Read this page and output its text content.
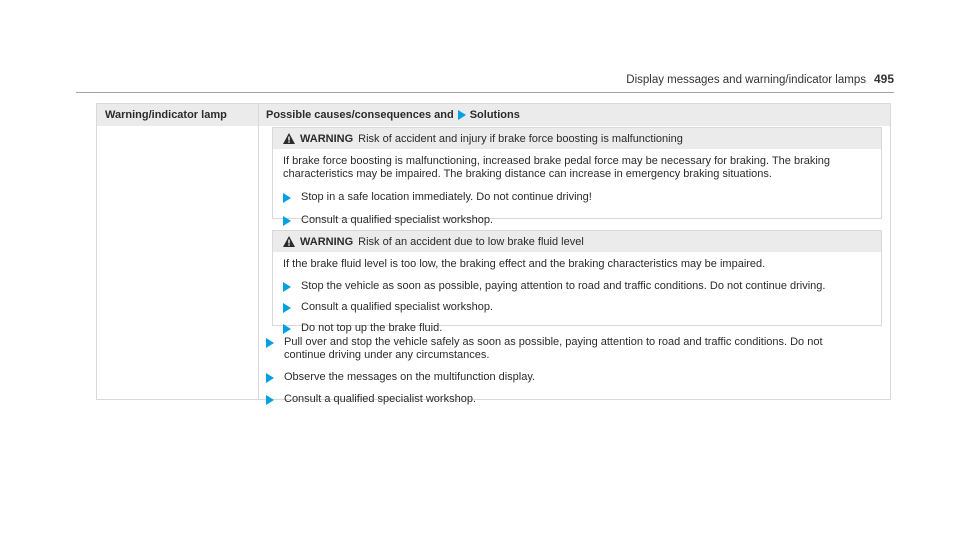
Display messages and warning/indicator lamps 495
Warning/indicator lamp	Possible causes/consequences and Solutions
WARNING Risk of accident and injury if brake force boosting is malfunctioning
If brake force boosting is malfunctioning, increased brake pedal force may be necessary for braking. The braking characteristics may be impaired. The braking distance can increase in emergency braking situations.
Stop in a safe location immediately. Do not continue driving!
Consult a qualified specialist workshop.
WARNING Risk of an accident due to low brake fluid level
If the brake fluid level is too low, the braking effect and the braking characteristics may be impaired.
Stop the vehicle as soon as possible, paying attention to road and traffic conditions. Do not continue driving.
Consult a qualified specialist workshop.
Do not top up the brake fluid.
Pull over and stop the vehicle safely as soon as possible, paying attention to road and traffic conditions. Do not continue driving under any circumstances.
Observe the messages on the multifunction display.
Consult a qualified specialist workshop.
